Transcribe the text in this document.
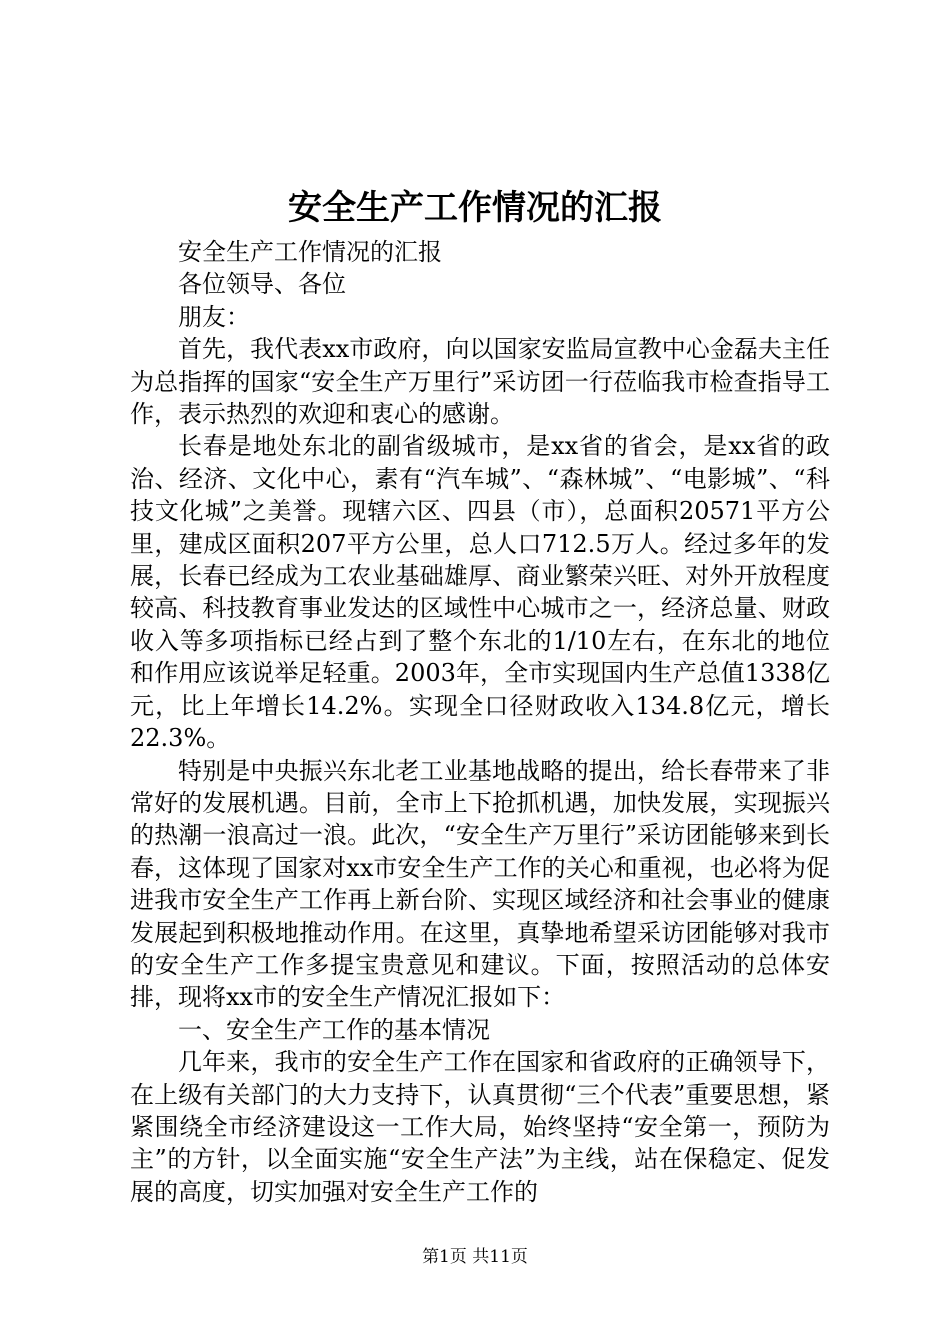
安全生产工作情况的汇报

安全生产工作情况的汇报

各位领导、各位

朋友：

首先，我代表xx市政府，向以国家安监局宣教中心金磊夫主任为总指挥的国家“安全生产万里行”采访团一行莅临我市检查指导工作，表示热烈的欢迎和衷心的感谢。

长春是地处东北的副省级城市，是xx省的省会，是xx省的政治、经济、文化中心，素有“汽车城”、“森林城”、“电影城”、“科技文化城”之美誉。现辖六区、四县（市），总面积20571平方公里，建成区面积207平方公里，总人口712.5万人。经过多年的发展，长春已经成为工农业基础雄厚、商业繁荣兴旺、对外开放程度较高、科技教育事业发达的区域性中心城市之一，经济总量、财政收入等多项指标已经占到了整个东北的1/10左右，在东北的地位和作用应该说举足轻重。2003年，全市实现国内生产总值1338亿元，比上年增长14.2%。实现全口径财政收入134.8亿元，增长22.3%。

特别是中央振兴东北老工业基地战略的提出，给长春带来了非常好的发展机遇。目前，全市上下抢抓机遇，加快发展，实现振兴的热潮一浪高过一浪。此次，“安全生产万里行”采访团能够来到长春，这体现了国家对xx市安全生产工作的关心和重视，也必将为促进我市安全生产工作再上新台阶、实现区域经济和社会事业的健康发展起到积极地推动作用。在这里，真挚地希望采访团能够对我市的安全生产工作多提宝贵意见和建议。下面，按照活动的总体安排，现将xx市的安全生产情况汇报如下：

一、安全生产工作的基本情况

几年来，我市的安全生产工作在国家和省政府的正确领导下，在上级有关部门的大力支持下，认真贯彻“三个代表”重要思想，紧紧围绕全市经济建设这一工作大局，始终坚持“安全第一，预防为主”的方针，以全面实施“安全生产法”为主线，站在保稳定、促发展的高度，切实加强对安全生产工作的

第1页 共11页
